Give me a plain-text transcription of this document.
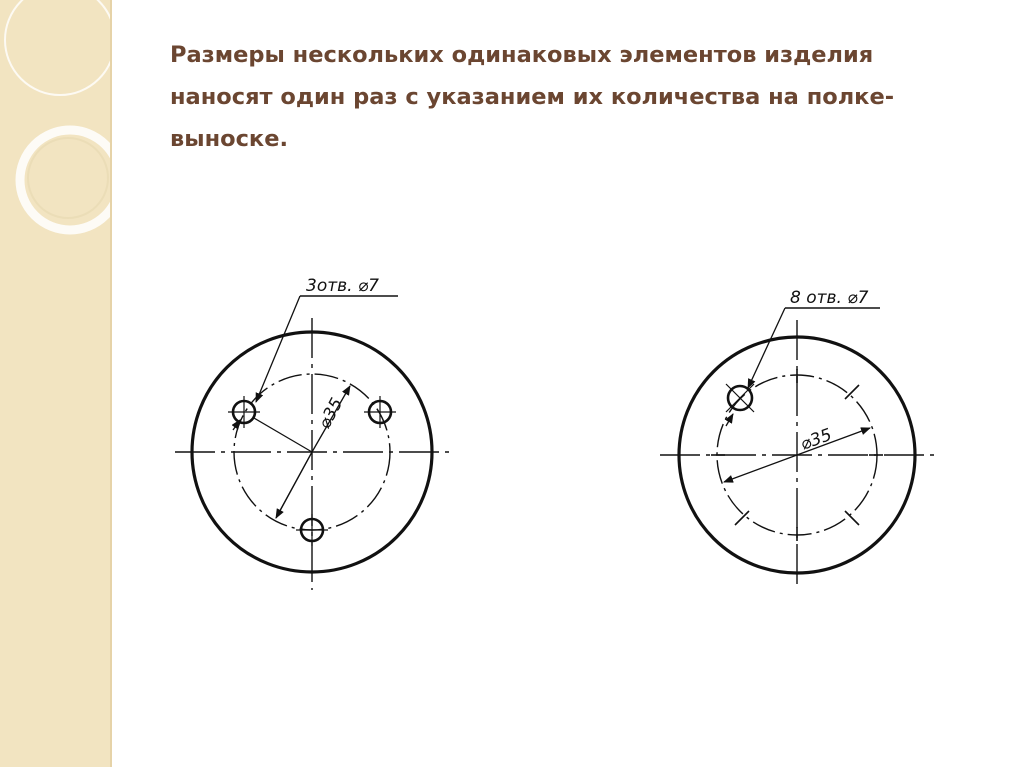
Размеры нескольких одинаковых элементов изделия наносят один раз с указанием их количества на полке-выноске.
3отв. ⌀7
⌀35
8 отв. ⌀7
⌀35
